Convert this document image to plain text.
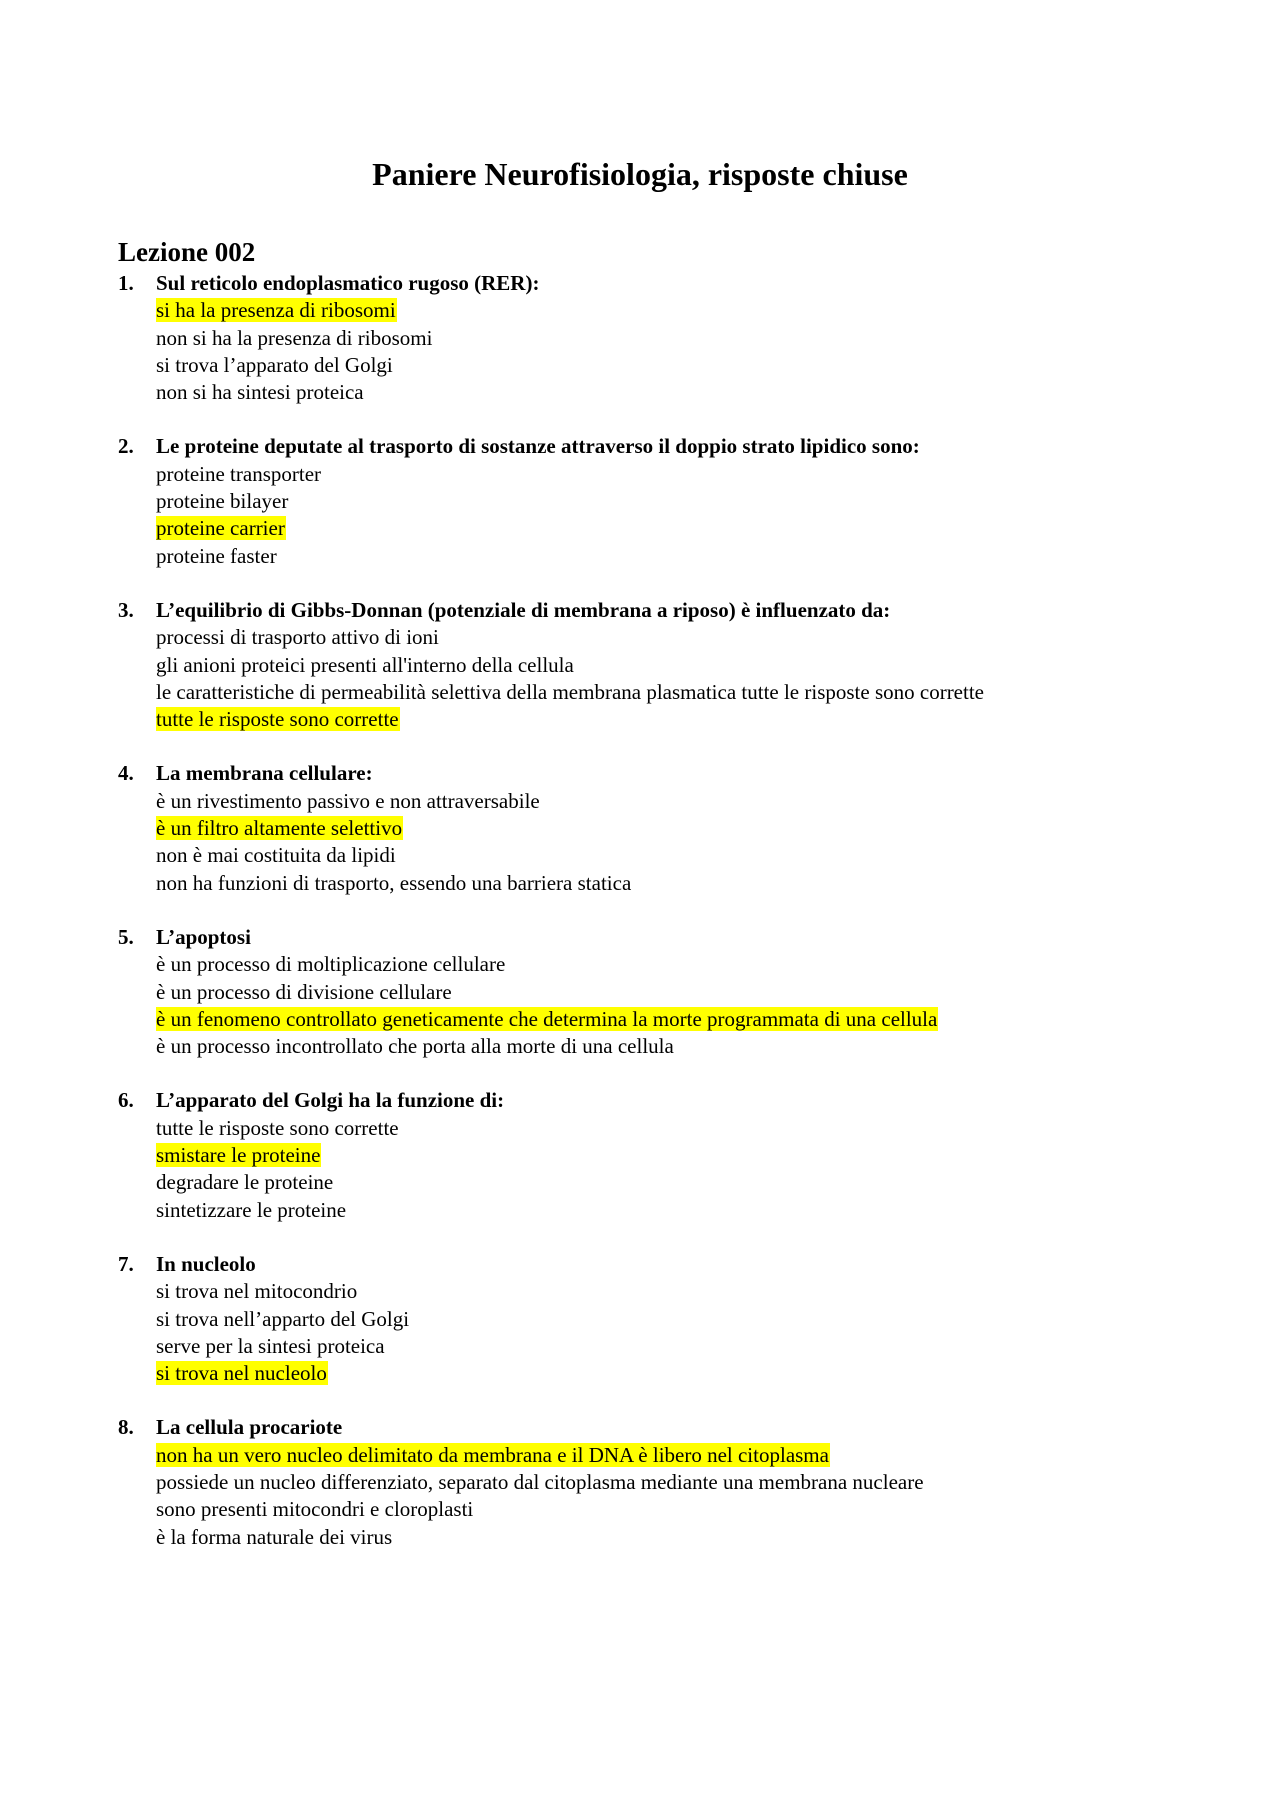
Paniere Neurofisiologia, risposte chiuse
Lezione 002
1.	Sul reticolo endoplasmatico rugoso (RER):
si ha la presenza di ribosomi
non si ha la presenza di ribosomi
si trova l’apparato del Golgi
non si ha sintesi proteica
2.	Le proteine deputate al trasporto di sostanze attraverso il doppio strato lipidico sono:
proteine transporter
proteine bilayer
proteine carrier
proteine faster
3.	L’equilibrio di Gibbs-Donnan (potenziale di membrana a riposo) è influenzato da:
processi di trasporto attivo di ioni
gli anioni proteici presenti all'interno della cellula
le caratteristiche di permeabilità selettiva della membrana plasmatica tutte le risposte sono corrette
tutte le risposte sono corrette
4.	La membrana cellulare:
è un rivestimento passivo e non attraversabile
è un filtro altamente selettivo
non è mai costituita da lipidi
non ha funzioni di trasporto, essendo una barriera statica
5.	L’apoptosi
è un processo di moltiplicazione cellulare
è un processo di divisione cellulare
è un fenomeno controllato geneticamente che determina la morte programmata di una cellula
è un processo incontrollato che porta alla morte di una cellula
6.	L’apparato del Golgi ha la funzione di:
tutte le risposte sono corrette
smistare le proteine
degradare le proteine
sintetizzare le proteine
7.	In nucleolo
si trova nel mitocondrio
si trova nell’apparto del Golgi
serve per la sintesi proteica
si trova nel nucleolo
8.	La cellula procariote
non ha un vero nucleo delimitato da membrana e il DNA è libero nel citoplasma
possiede un nucleo differenziato, separato dal citoplasma mediante una membrana nucleare
sono presenti mitocondri e cloroplasti
è la forma naturale dei virus
